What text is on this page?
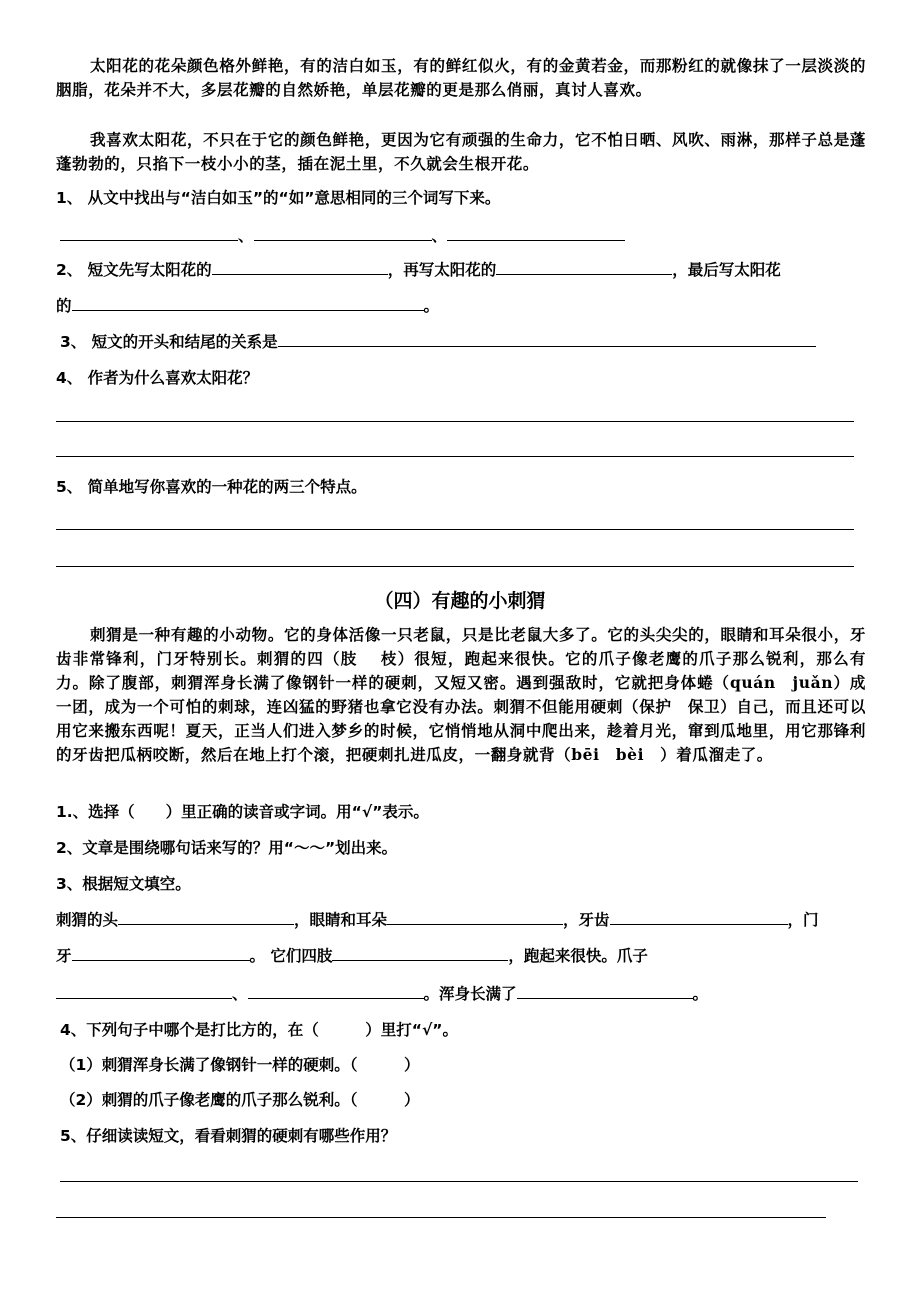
太阳花的花朵颜色格外鲜艳，有的洁白如玉，有的鲜红似火，有的金黄若金，而那粉红的就像抹了一层淡淡的胭脂，花朵并不大，多层花瓣的自然娇艳，单层花瓣的更是那么俏丽，真讨人喜欢。

我喜欢太阳花，不只在于它的颜色鲜艳，更因为它有顽强的生命力，它不怕日晒、风吹、雨淋，那样子总是蓬蓬勃勃的，只掐下一枝小小的茎，插在泥土里，不久就会生根开花。

1、 从文中找出与“洁白如玉”的“如”意思相同的三个词写下来。
、	、
2、 短文先写太阳花的	，再写太阳花的	，最后写太阳花
的	。
3、 短文的开头和结尾的关系是
4、 作者为什么喜欢太阳花？
5、 简单地写你喜欢的一种花的两三个特点。
（四）有趣的小刺猬

刺猬是一种有趣的小动物。它的身体活像一只老鼠，只是比老鼠大多了。它的头尖尖的，眼睛和耳朵很小，牙齿非常锋利，门牙特别长。刺猬的四（肢　 枝）很短，跑起来很快。它的爪子像老鹰的爪子那么锐利，那么有力。除了腹部，刺猬浑身长满了像钢针一样的硬刺，又短又密。遇到强敌时，它就把身体蜷（quán　juǎn）成一团，成为一个可怕的刺球，连凶猛的野猪也拿它没有办法。刺猬不但能用硬刺（保护　保卫）自己，而且还可以用它来搬东西呢！夏天，正当人们进入梦乡的时候，它悄悄地从洞中爬出来，趁着月光，窜到瓜地里，用它那锋利的牙齿把瓜柄咬断，然后在地上打个滚，把硬刺扎进瓜皮，一翻身就背（bēi　bèi　）着瓜溜走了。

1.、选择（　　）里正确的读音或字词。用“√”表示。
2、文章是围绕哪句话来写的？用“～～”划出来。
3、根据短文填空。
刺猬的头	，眼睛和耳朵	，牙齿	，门
牙	。 它们四肢	，跑起来很快。爪子
、	。浑身长满了	。
4、下列句子中哪个是打比方的，在（　　　）里打“√”。
（1）刺猬浑身长满了像钢针一样的硬刺。（　　　）
（2）刺猬的爪子像老鹰的爪子那么锐利。（　　　）
5、仔细读读短文，看看刺猬的硬刺有哪些作用？
